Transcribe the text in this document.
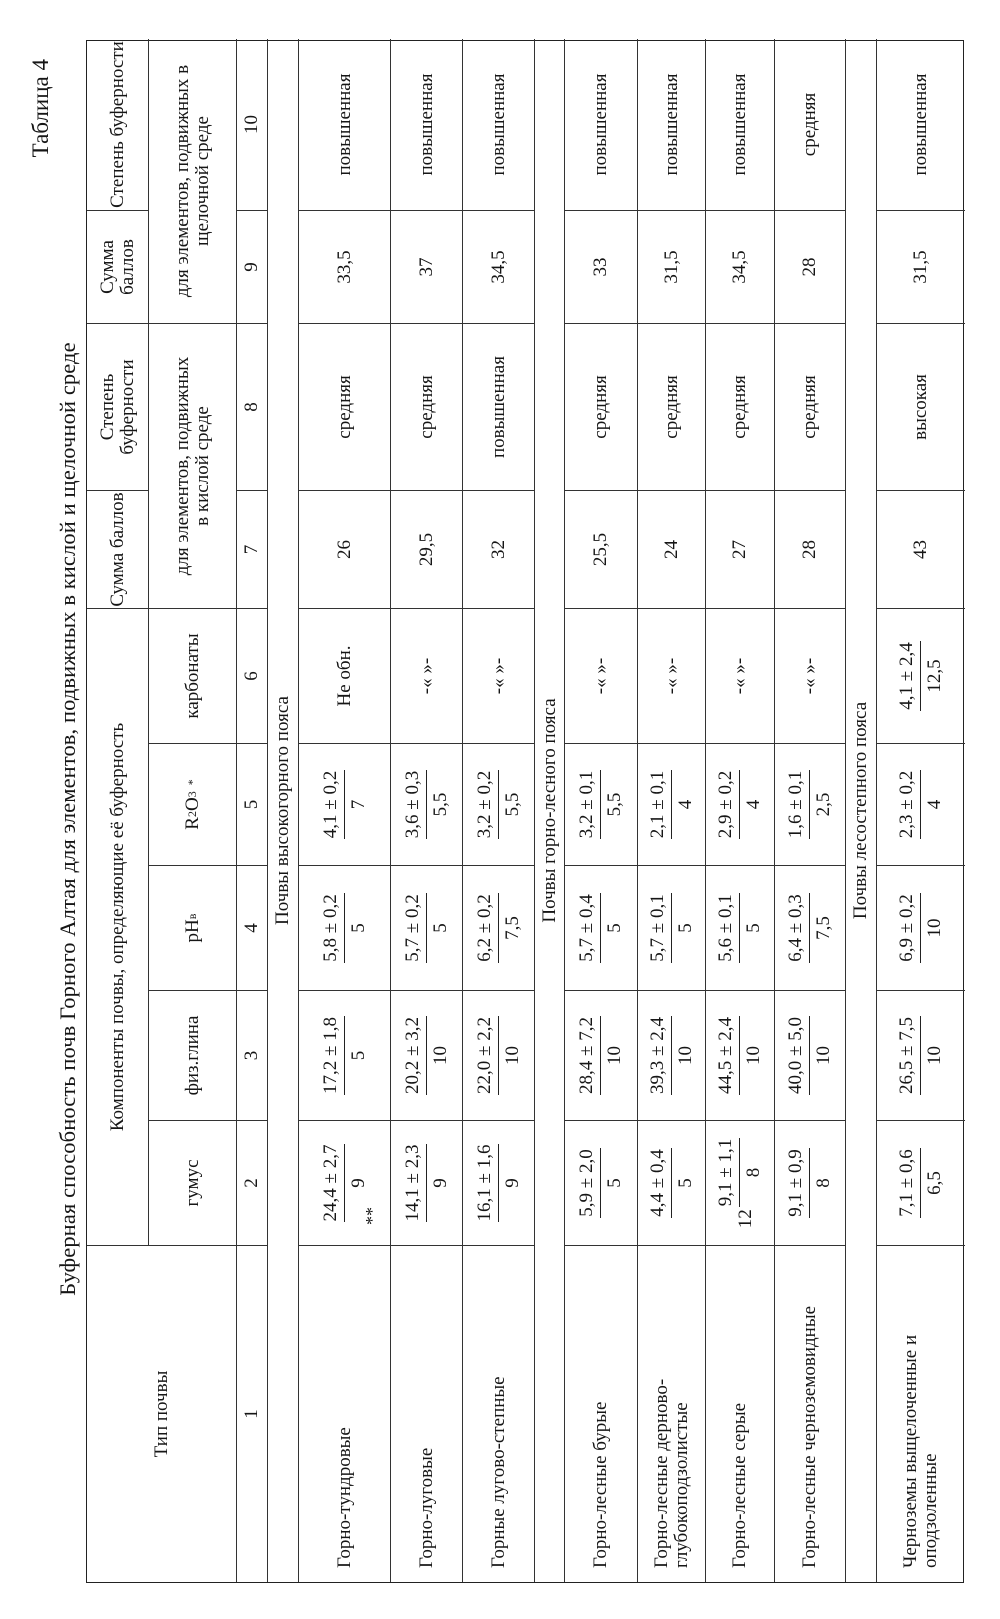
Таблица 4
Буферная способность почв Горного Алтая для элементов, подвижных в кислой и щелочной среде
Тип почвы
Компоненты почвы, определяющие её буферность
гумус
физ.глина
pH
в
R
2
O
3
*
карбонаты
Сумма баллов
Степень буферности	для элементов, подвижных в кислой среде
Сумма баллов
Степень буферности	для элементов, подвижных в щелочной среде
1
2
3
4
5
6
7
8
9
10
Почвы высокогорного пояса
Горно-тундровые
24,4 ± 2,7 9
**
17,2 ± 1,8 5
5,8 ± 0,2 5
4,1 ± 0,2 7
Не обн.
26
средняя
33,5
повышенная
Горно-луговые
14,1 ± 2,3 9
20,2 ± 3,2 10
5,7 ± 0,2 5
3,6 ± 0,3 5,5
-« »-
29,5
средняя
37
повышенная
Горные лугово-степные
16,1 ± 1,6 9
22,0 ± 2,2 10
6,2 ± 0,2 7,5
3,2 ± 0,2 5,5
-« »-
32
повышенная
34,5
повышенная
Почвы горно-лесного пояса
Горно-лесные бурые
5,9 ± 2,0 5
28,4 ± 7,2 10
5,7 ± 0,4 5
3,2 ± 0,1 5,5
-« »-
25,5
средняя
33
повышенная
Горно-лесные дерново-глубокоподзолистые
4,4 ± 0,4 5
39,3 ± 2,4 10
5,7 ± 0,1 5
2,1 ± 0,1 4
-« »-
24
средняя
31,5
повышенная
Горно-лесные серые
12
9,1 ± 1,1 8
44,5 ± 2,4 10
5,6 ± 0,1 5
2,9 ± 0,2 4
-« »-
27
средняя
34,5
повышенная
Горно-лесные черноземовидные
9,1 ± 0,9 8
40,0 ± 5,0 10
6,4 ± 0,3 7,5
1,6 ± 0,1 2,5
-« »-
28
средняя
28
средняя
Почвы лесостепного пояса
Черноземы выщелоченные и оподзоленные
7,1 ± 0,6 6,5
26,5 ± 7,5 10
6,9 ± 0,2 10
2,3 ± 0,2 4
4,1 ± 2,4 12,5
43
высокая
31,5
повышенная
